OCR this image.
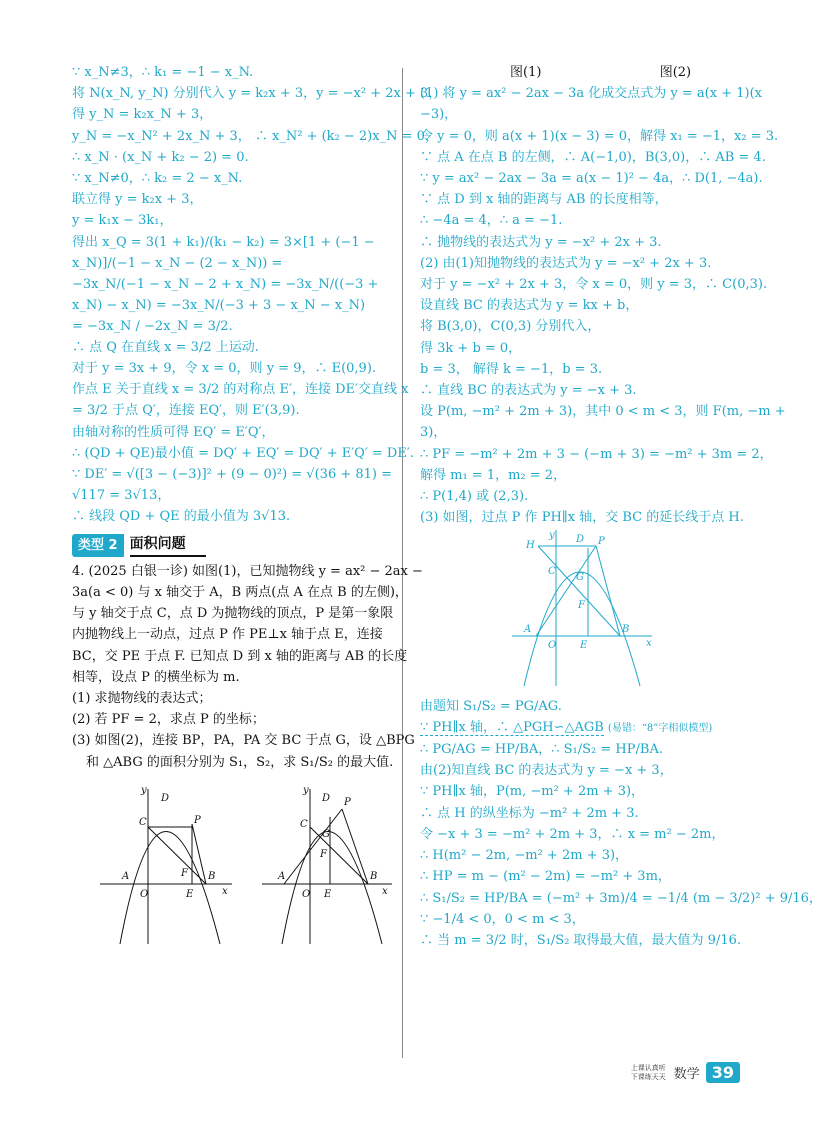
∵ x_N≠3，∴ k₁ = −1 − x_N.
将 N(x_N, y_N) 分别代入 y = k₂x + 3，y = −x² + 2x + 3，
得 y_N = k₂x_N + 3，
y_N = −x_N² + 2x_N + 3， ∴ x_N² + (k₂ − 2)x_N = 0，
∴ x_N · (x_N + k₂ − 2) = 0.
∵ x_N≠0，∴ k₂ = 2 − x_N.
联立得 y = k₂x + 3，
y = k₁x − 3k₁，
得出 x_Q = 3(1 + k₁)/(k₁ − k₂) = 3×[1 + (−1 − x_N)]/(−1 − x_N − (2 − x_N)) =
−3x_N/(−1 − x_N − 2 + x_N) = −3x_N/((−3 + x_N) − x_N) = −3x_N/(−3 + 3 − x_N − x_N)
= −3x_N / −2x_N = 3/2.
∴ 点 Q 在直线 x = 3/2 上运动.
对于 y = 3x + 9，令 x = 0，则 y = 9，∴ E(0,9).
作点 E 关于直线 x = 3/2 的对称点 E′，连接 DE′交直线 x
= 3/2 于点 Q′，连接 EQ′，则 E′(3,9).
由轴对称的性质可得 EQ′ = E′Q′，
∴ (QD + QE)最小值 = DQ′ + EQ′ = DQ′ + E′Q′ = DE′.
∵ DE′ = √([3 − (−3)]² + (9 − 0)²) = √(36 + 81) =
√117 = 3√13，
∴ 线段 QD + QE 的最小值为 3√13.
类型 2 面积问题
4. (2025 白银一诊) 如图(1)，已知抛物线 y = ax² − 2ax −
3a(a < 0) 与 x 轴交于 A，B 两点(点 A 在点 B 的左侧)，
与 y 轴交于点 C，点 D 为抛物线的顶点，P 是第一象限
内抛物线上一动点，过点 P 作 PE⊥x 轴于点 E，连接
BC，交 PE 于点 F. 已知点 D 到 x 轴的距离与 AB 的长度
相等，设点 P 的横坐标为 m.
(1) 求抛物线的表达式；
(2) 若 PF = 2，求点 P 的坐标；
(3) 如图(2)，连接 BP，PA，PA 交 BC 于点 G，设 △BPG
和 △ABG 的面积分别为 S₁，S₂，求 S₁/S₂ 的最大值.
x
y
A	B
C
D
P
E
F
O	x
y
A	B
C
D P
E
F
G
O
图(1)	图(2)
(1) 将 y = ax² − 2ax − 3a 化成交点式为 y = a(x + 1)(x
−3)，
令 y = 0，则 a(x + 1)(x − 3) = 0，解得 x₁ = −1，x₂ = 3.
∵ 点 A 在点 B 的左侧，∴ A(−1,0)，B(3,0)，∴ AB = 4.
∵ y = ax² − 2ax − 3a = a(x − 1)² − 4a，∴ D(1, −4a).
∵ 点 D 到 x 轴的距离与 AB 的长度相等，
∴ −4a = 4，∴ a = −1.
∴ 抛物线的表达式为 y = −x² + 2x + 3.
(2) 由(1)知抛物线的表达式为 y = −x² + 2x + 3.
对于 y = −x² + 2x + 3，令 x = 0，则 y = 3，∴ C(0,3).
设直线 BC 的表达式为 y = kx + b，
将 B(3,0)，C(0,3) 分别代入，
得 3k + b = 0，
b = 3， 解得 k = −1，b = 3.
∴ 直线 BC 的表达式为 y = −x + 3.
设 P(m, −m² + 2m + 3)，其中 0 < m < 3，则 F(m, −m +
3)，
∴ PF = −m² + 2m + 3 − (−m + 3) = −m² + 3m = 2，
解得 m₁ = 1，m₂ = 2，
∴ P(1,4) 或 (2,3).
(3) 如图，过点 P 作 PH∥x 轴，交 BC 的延长线于点 H.
x
y
A	B
C
D P
H
E
F
G
O
由题知 S₁/S₂ = PG/AG.
∵ PH∥x 轴，∴ △PGH∽△AGB (易错：“8”字相似模型)
∴ PG/AG = HP/BA，∴ S₁/S₂ = HP/BA.
由(2)知直线 BC 的表达式为 y = −x + 3，
∵ PH∥x 轴，P(m, −m² + 2m + 3)，
∴ 点 H 的纵坐标为 −m² + 2m + 3.
令 −x + 3 = −m² + 2m + 3，∴ x = m² − 2m，
∴ H(m² − 2m, −m² + 2m + 3)，
∴ HP = m − (m² − 2m) = −m² + 3m，
∴ S₁/S₂ = HP/BA = (−m² + 3m)/4 = −1/4 (m − 3/2)² + 9/16，
∵ −1/4 < 0，0 < m < 3，
∴ 当 m = 3/2 时，S₁/S₂ 取得最大值，最大值为 9/16.
上课认真听
下课练天天 数学 39
